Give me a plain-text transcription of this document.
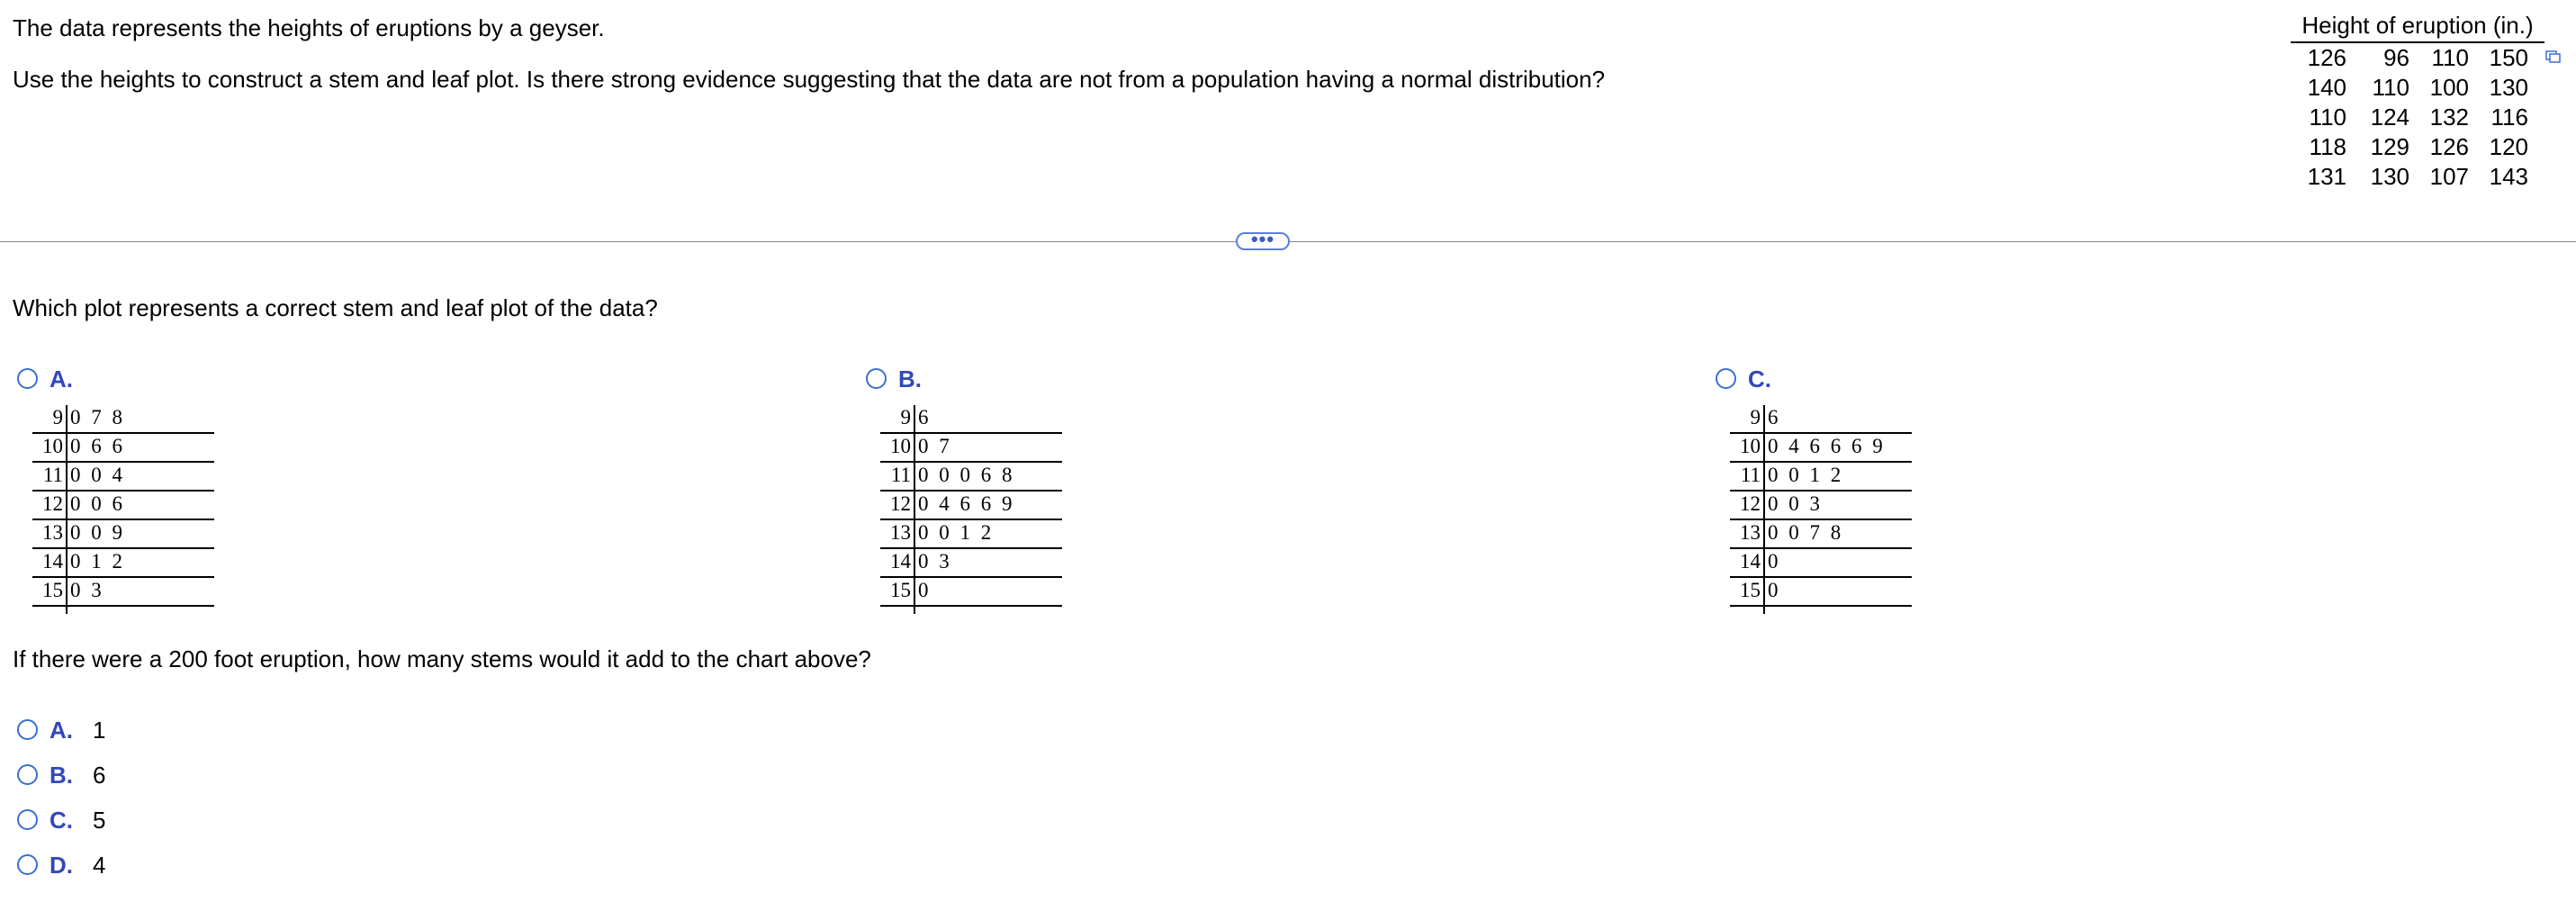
The data represents the heights of eruptions by a geyser.
Use the heights to construct a stem and leaf plot. Is there strong evidence suggesting that the data are not from a population having a normal distribution?
Height of eruption (in.)
126	96 110 150
140	110 100 130
110	124 132 116
118	129 126 120
131	130 107 143
•••
Which plot represents a correct stem and leaf plot of the data?
A.
9 0 7 8
10 0 6 6
11 0 0 4
12 0 0 6
13 0 0 9
14 0 1 2
15 0 3
B.
9 6
10 0 7
11 0 0 0 6 8
12 0 4 6 6 9
13 0 0 1 2
14 0 3
15 0
C.
9 6
10 0 4 6 6 6 9
11 0 0 1 2
12 0 0 3
13 0 0 7 8
14 0
15 0
If there were a 200 foot eruption, how many stems would it add to the chart above?
A. 1
B. 6
C. 5
D. 4
